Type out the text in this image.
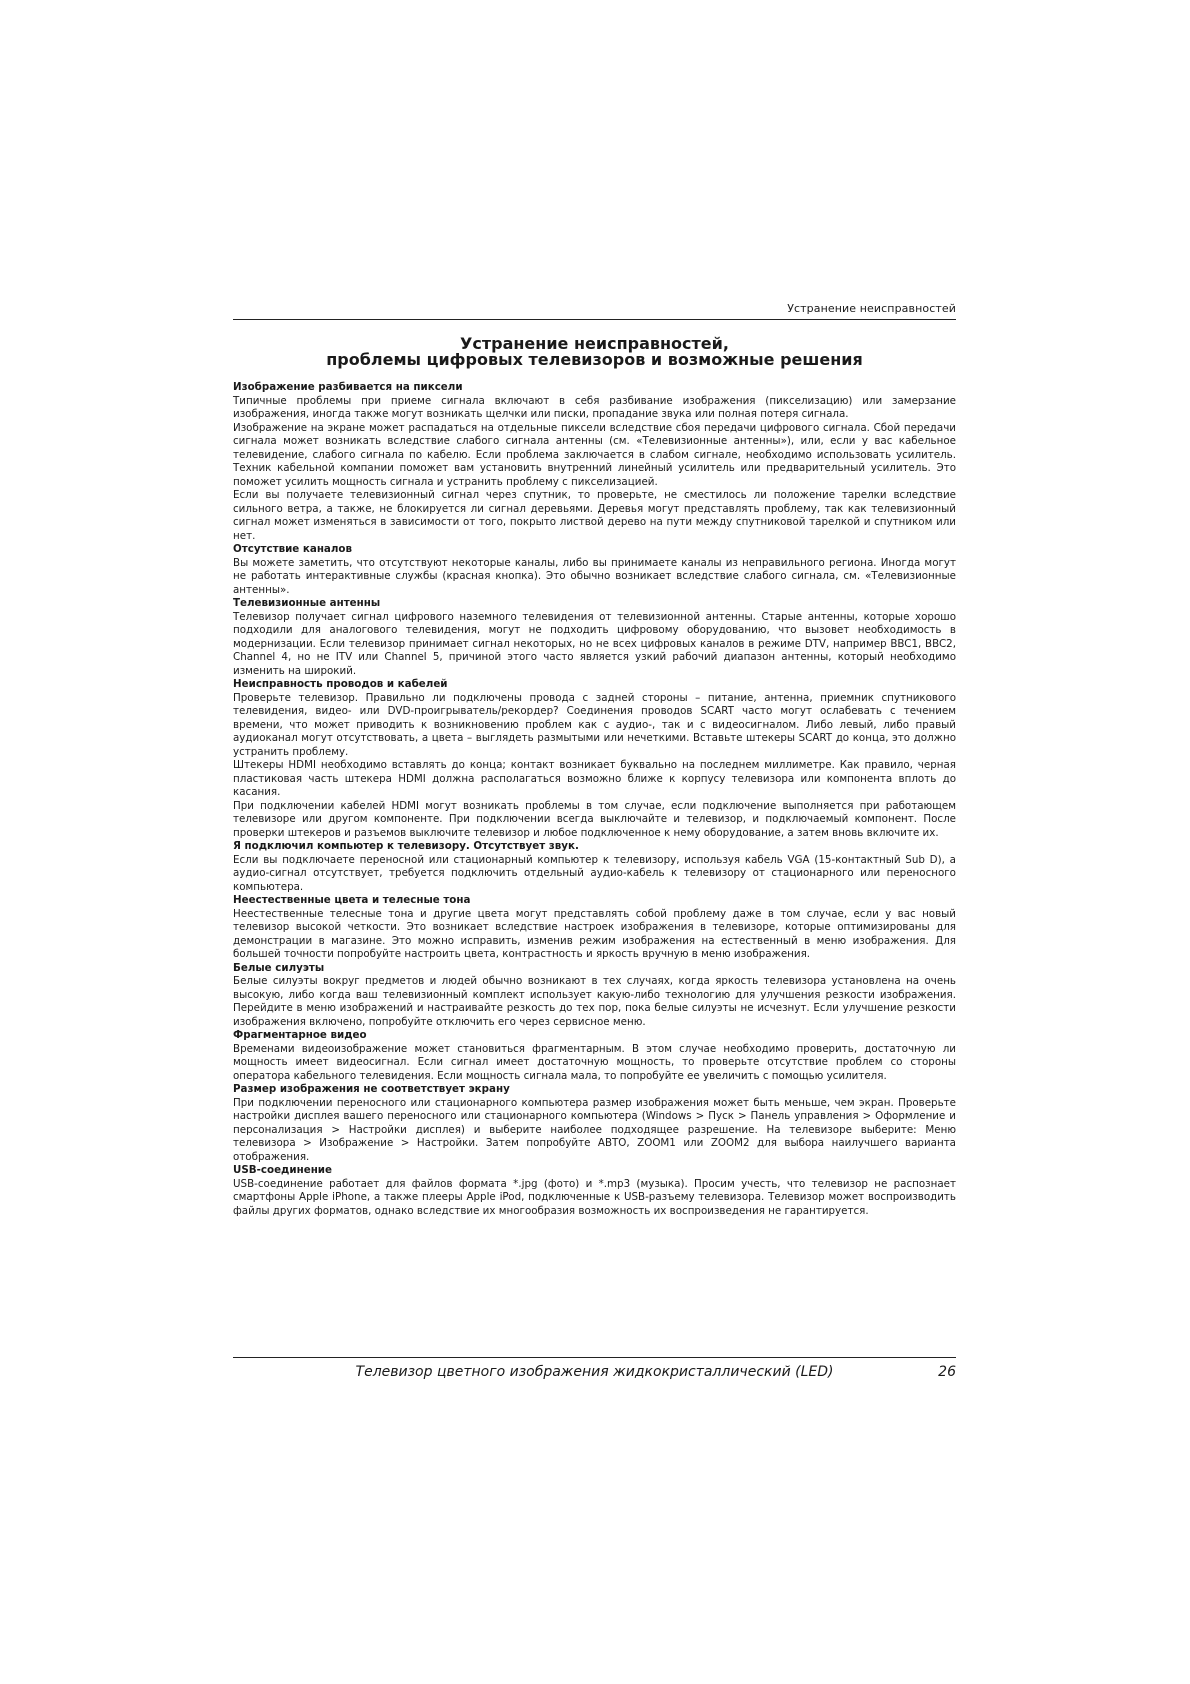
Устранение неисправностей
Устранение неисправностей,
проблемы цифровых телевизоров и возможные решения

Изображение разбивается на пиксели

Типичные проблемы при приеме сигнала включают в себя разбивание изображения (пикселизацию) или замерзание изображения, иногда также могут возникать щелчки или писки, пропадание звука или полная потеря сигнала.

Изображение на экране может распадаться на отдельные пиксели вследствие сбоя передачи цифрового сигнала. Сбой передачи сигнала может возникать вследствие слабого сигнала антенны (см. «Телевизионные антенны»), или, если у вас кабельное телевидение, слабого сигнала по кабелю. Если проблема заключается в слабом сигнале, необходимо использовать усилитель. Техник кабельной компании поможет вам установить внутренний линейный усилитель или предварительный усилитель. Это поможет усилить мощность сигнала и устранить проблему с пикселизацией.

Если вы получаете телевизионный сигнал через спутник, то проверьте, не сместилось ли положение тарелки вследствие сильного ветра, а также, не блокируется ли сигнал деревьями. Деревья могут представлять проблему, так как телевизионный сигнал может изменяться в зависимости от того, покрыто листвой дерево на пути между спутниковой тарелкой и спутником или нет.

Отсутствие каналов

Вы можете заметить, что отсутствуют некоторые каналы, либо вы принимаете каналы из неправильного региона. Иногда могут не работать интерактивные службы (красная кнопка). Это обычно возникает вследствие слабого сигнала, см. «Телевизионные антенны».

Телевизионные антенны

Телевизор получает сигнал цифрового наземного телевидения от телевизионной антенны. Старые антенны, которые хорошо подходили для аналогового телевидения, могут не подходить цифровому оборудованию, что вызовет необходимость в модернизации. Если телевизор принимает сигнал некоторых, но не всех цифровых каналов в режиме DTV, например BBC1, BBC2, Channel 4, но не ITV или Channel 5, причиной этого часто является узкий рабочий диапазон антенны, который необходимо изменить на широкий.

Неисправность проводов и кабелей

Проверьте телевизор. Правильно ли подключены провода с задней стороны – питание, антенна, приемник спутникового телевидения, видео- или DVD-проигрыватель/рекордер? Соединения проводов SCART часто могут ослабевать с течением времени, что может приводить к возникновению проблем как с аудио-, так и с видеосигналом. Либо левый, либо правый аудиоканал могут отсутствовать, а цвета – выглядеть размытыми или нечеткими. Вставьте штекеры SCART до конца, это должно устранить проблему.

Штекеры HDMI необходимо вставлять до конца; контакт возникает буквально на последнем миллиметре. Как правило, черная пластиковая часть штекера HDMI должна располагаться возможно ближе к корпусу телевизора или компонента вплоть до касания.

При подключении кабелей HDMI могут возникать проблемы в том случае, если подключение выполняется при работающем телевизоре или другом компоненте. При подключении всегда выключайте и телевизор, и подключаемый компонент. После проверки штекеров и разъемов выключите телевизор и любое подключенное к нему оборудование, а затем вновь включите их.

Я подключил компьютер к телевизору. Отсутствует звук.

Если вы подключаете переносной или стационарный компьютер к телевизору, используя кабель VGA (15-контактный Sub D), а аудио-сигнал отсутствует, требуется подключить отдельный аудио-кабель к телевизору от стационарного или переносного компьютера.

Неестественные цвета и телесные тона

Неестественные телесные тона и другие цвета могут представлять собой проблему даже в том случае, если у вас новый телевизор высокой четкости. Это возникает вследствие настроек изображения в телевизоре, которые оптимизированы для демонстрации в магазине. Это можно исправить, изменив режим изображения на естественный в меню изображения. Для большей точности попробуйте настроить цвета, контрастность и яркость вручную в меню изображения.

Белые силуэты

Белые силуэты вокруг предметов и людей обычно возникают в тех случаях, когда яркость телевизора установлена на очень высокую, либо когда ваш телевизионный комплект использует какую-либо технологию для улучшения резкости изображения. Перейдите в меню изображений и настраивайте резкость до тех пор, пока белые силуэты не исчезнут. Если улучшение резкости изображения включено, попробуйте отключить его через сервисное меню.

Фрагментарное видео

Временами видеоизображение может становиться фрагментарным. В этом случае необходимо проверить, достаточную ли мощность имеет видеосигнал. Если сигнал имеет достаточную мощность, то проверьте отсутствие проблем со стороны оператора кабельного телевидения. Если мощность сигнала мала, то попробуйте ее увеличить с помощью усилителя.

Размер изображения не соответствует экрану

При подключении переносного или стационарного компьютера размер изображения может быть меньше, чем экран. Проверьте настройки дисплея вашего переносного или стационарного компьютера (Windows > Пуск > Панель управления > Оформление и персонализация > Настройки дисплея) и выберите наиболее подходящее разрешение. На телевизоре выберите: Меню телевизора > Изображение > Настройки. Затем попробуйте АВТО, ZOOM1 или ZOOM2 для выбора наилучшего варианта отображения.

USB-соединение

USB-соединение работает для файлов формата *.jpg (фото) и *.mp3 (музыка). Просим учесть, что телевизор не распознает смартфоны Apple iPhone, а также плееры Apple iPod, подключенные к USB-разъему телевизора. Телевизор может воспроизводить файлы других форматов, однако вследствие их многообразия возможность их воспроизведения не гарантируется.

Телевизор цветного изображения жидкокристаллический (LED)	26
